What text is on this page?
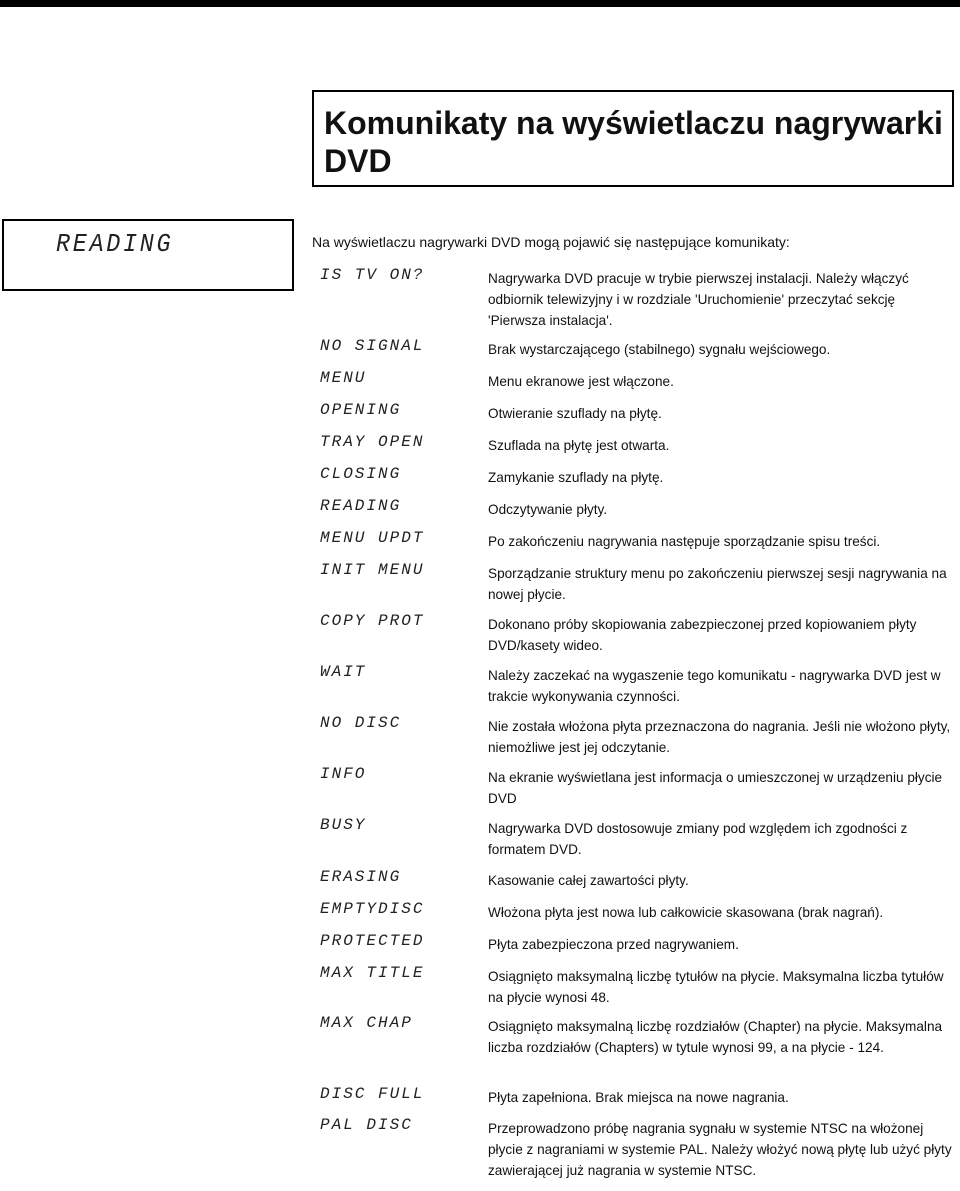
Komunikaty na wyświetlaczu nagrywarki DVD
READING	Na wyświetlaczu nagrywarki DVD mogą pojawić się następujące komunikaty:

IS TV ON?	Nagrywarka DVD pracuje w trybie pierwszej instalacji. Należy włączyć odbiornik telewizyjny i w rozdziale 'Uruchomienie' przeczytać sekcję 'Pierwsza instalacja'.

NO SIGNAL	Brak wystarczającego (stabilnego) sygnału wejściowego.

MENU	Menu ekranowe jest włączone.

OPENING	Otwieranie szuflady na płytę.

TRAY OPEN	Szuflada na płytę jest otwarta.

CLOSING	Zamykanie szuflady na płytę.

READING	Odczytywanie płyty.

MENU UPDT	Po zakończeniu nagrywania następuje sporządzanie spisu treści.

INIT MENU	Sporządzanie struktury menu po zakończeniu pierwszej sesji nagrywania na nowej płycie.

COPY PROT	Dokonano próby skopiowania zabezpieczonej przed kopiowaniem płyty DVD/kasety wideo.

WAIT	Należy zaczekać na wygaszenie tego komunikatu - nagrywarka DVD jest w trakcie wykonywania czynności.

NO DISC	Nie została włożona płyta przeznaczona do nagrania. Jeśli nie włożono płyty, niemożliwe jest jej odczytanie.

INFO	Na ekranie wyświetlana jest informacja o umieszczonej w urządzeniu płycie DVD

BUSY	Nagrywarka DVD dostosowuje zmiany pod względem ich zgodności z formatem DVD.

ERASING	Kasowanie całej zawartości płyty.

EMPTYDISC	Włożona płyta jest nowa lub całkowicie skasowana (brak nagrań).

PROTECTED	Płyta zabezpieczona przed nagrywaniem.

MAX TITLE	Osiągnięto maksymalną liczbę tytułów na płycie. Maksymalna liczba tytułów na płycie wynosi 48.

MAX CHAP	Osiągnięto maksymalną liczbę rozdziałów (Chapter) na płycie. Maksymalna liczba rozdziałów (Chapters) w tytule wynosi 99, a na płycie - 124.

DISC FULL	Płyta zapełniona. Brak miejsca na nowe nagrania.

PAL DISC	Przeprowadzono próbę nagrania sygnału w systemie NTSC na włożonej płycie z nagraniami w systemie PAL. Należy włożyć nową płytę lub użyć płyty zawierającej już nagrania w systemie NTSC.
